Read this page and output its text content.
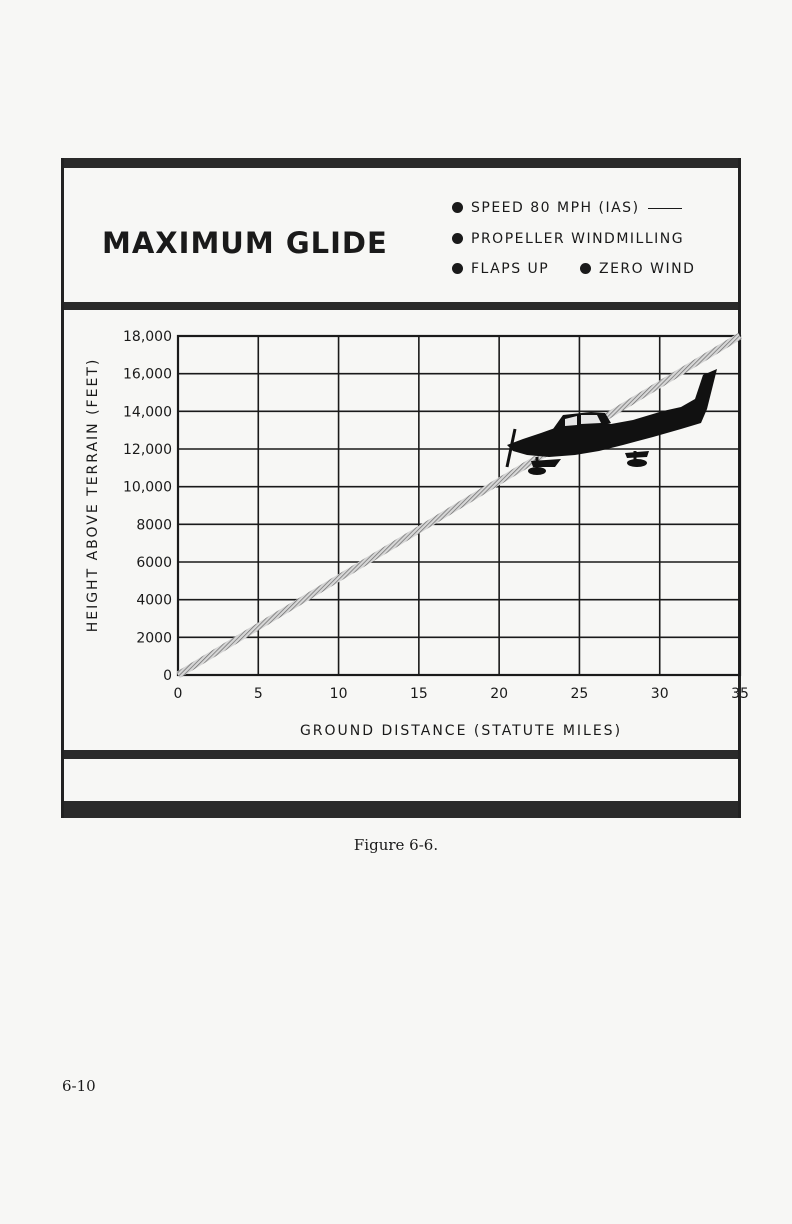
MAXIMUM GLIDE
SPEED 80 MPH (IAS)
PROPELLER WINDMILLING
FLAPS UP	ZERO WIND
0
2000
4000
6000
8000
10,000
12,000
14,000
16,000
18,000
0	5	10	15	20	25	30	35
HEIGHT ABOVE TERRAIN (FEET)
GROUND DISTANCE (STATUTE MILES)
Figure 6-6.
6-10
